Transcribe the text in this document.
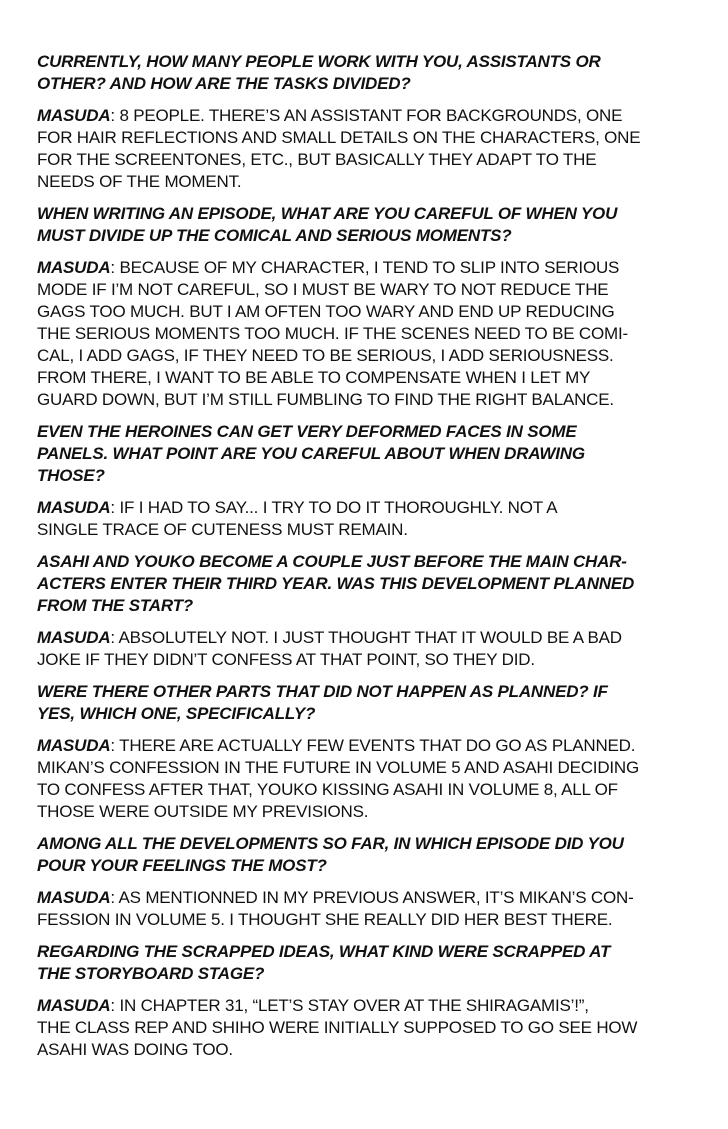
CURRENTLY, HOW MANY PEOPLE WORK WITH YOU, ASSISTANTS OR
OTHER? AND HOW ARE THE TASKS DIVIDED?
MASUDA: 8 PEOPLE. THERE’S AN ASSISTANT FOR BACKGROUNDS, ONE
FOR HAIR REFLECTIONS AND SMALL DETAILS ON THE CHARACTERS, ONE
FOR THE SCREENTONES, ETC., BUT BASICALLY THEY ADAPT TO THE
NEEDS OF THE MOMENT.
WHEN WRITING AN EPISODE, WHAT ARE YOU CAREFUL OF WHEN YOU
MUST DIVIDE UP THE COMICAL AND SERIOUS MOMENTS?
MASUDA: BECAUSE OF MY CHARACTER, I TEND TO SLIP INTO SERIOUS
MODE IF I’M NOT CAREFUL, SO I MUST BE WARY TO NOT REDUCE THE
GAGS TOO MUCH. BUT I AM OFTEN TOO WARY AND END UP REDUCING
THE SERIOUS MOMENTS TOO MUCH. IF THE SCENES NEED TO BE COMI-
CAL, I ADD GAGS, IF THEY NEED TO BE SERIOUS, I ADD SERIOUSNESS.
FROM THERE, I WANT TO BE ABLE TO COMPENSATE WHEN I LET MY
GUARD DOWN, BUT I’M STILL FUMBLING TO FIND THE RIGHT BALANCE.
EVEN THE HEROINES CAN GET VERY DEFORMED FACES IN SOME
PANELS. WHAT POINT ARE YOU CAREFUL ABOUT WHEN DRAWING
THOSE?
MASUDA: IF I HAD TO SAY... I TRY TO DO IT THOROUGHLY. NOT A
SINGLE TRACE OF CUTENESS MUST REMAIN.
ASAHI AND YOUKO BECOME A COUPLE JUST BEFORE THE MAIN CHAR-
ACTERS ENTER THEIR THIRD YEAR. WAS THIS DEVELOPMENT PLANNED
FROM THE START?
MASUDA: ABSOLUTELY NOT. I JUST THOUGHT THAT IT WOULD BE A BAD
JOKE IF THEY DIDN’T CONFESS AT THAT POINT, SO THEY DID.
WERE THERE OTHER PARTS THAT DID NOT HAPPEN AS PLANNED? IF
YES, WHICH ONE, SPECIFICALLY?
MASUDA: THERE ARE ACTUALLY FEW EVENTS THAT DO GO AS PLANNED.
MIKAN’S CONFESSION IN THE FUTURE IN VOLUME 5 AND ASAHI DECIDING
TO CONFESS AFTER THAT, YOUKO KISSING ASAHI IN VOLUME 8, ALL OF
THOSE WERE OUTSIDE MY PREVISIONS.
AMONG ALL THE DEVELOPMENTS SO FAR, IN WHICH EPISODE DID YOU
POUR YOUR FEELINGS THE MOST?
MASUDA: AS MENTIONNED IN MY PREVIOUS ANSWER, IT’S MIKAN’S CON-
FESSION IN VOLUME 5. I THOUGHT SHE REALLY DID HER BEST THERE.
REGARDING THE SCRAPPED IDEAS, WHAT KIND WERE SCRAPPED AT
THE STORYBOARD STAGE?
MASUDA: IN CHAPTER 31, “LET’S STAY OVER AT THE SHIRAGAMIS’!”,
THE CLASS REP AND SHIHO WERE INITIALLY SUPPOSED TO GO SEE HOW
ASAHI WAS DOING TOO.
